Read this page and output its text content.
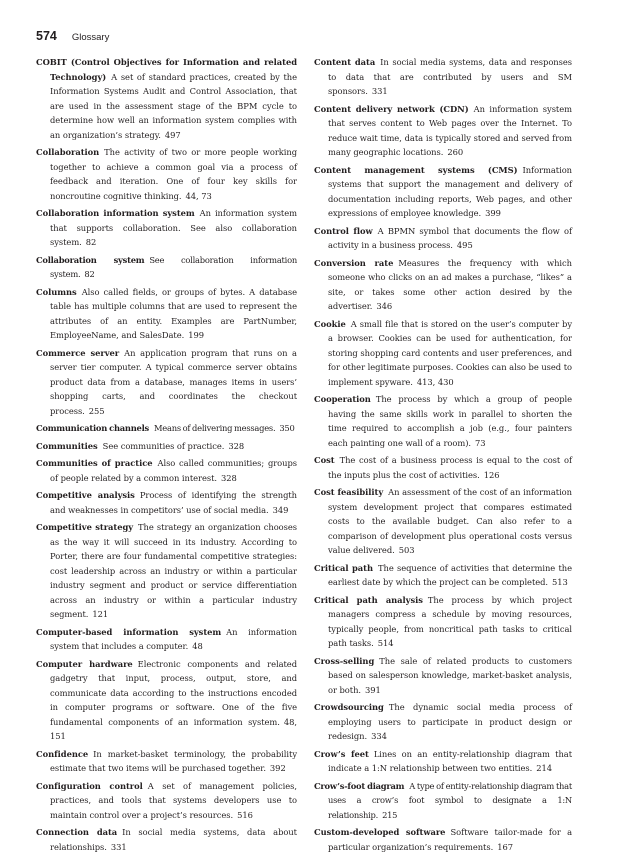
574 Glossary

COBIT (Control Objectives for Information and related Technology) A set of standard practices, created by the Information Systems Audit and Control Association, that are used in the assessment stage of the BPM cycle to determine how well an information system complies with an organization’s strategy. 497

Collaboration The activity of two or more people working together to achieve a common goal via a process of feedback and iteration. One of four key skills for noncroutine cognitive thinking. 44, 73

Collaboration information system An information system that supports collaboration. See also collaboration system. 82

Collaboration system See collaboration information system. 82

Columns Also called fields, or groups of bytes. A database table has multiple columns that are used to represent the attributes of an entity. Examples are PartNumber, EmployeeName, and SalesDate. 199

Commerce server An application program that runs on a server tier computer. A typical commerce server obtains product data from a database, manages items in users’ shopping carts, and coordinates the checkout process. 255

Communication channels Means of delivering messages. 350

Communities See communities of practice. 328

Communities of practice Also called communities; groups of people related by a common interest. 328

Competitive analysis Process of identifying the strength and weaknesses in competitors’ use of social media. 349

Competitive strategy The strategy an organization chooses as the way it will succeed in its industry. According to Porter, there are four fundamental competitive strategies: cost leadership across an industry or within a particular industry segment and product or service differentiation across an industry or within a particular industry segment. 121

Computer-based information system An information system that includes a computer. 48

Computer hardware Electronic components and related gadgetry that input, process, output, store, and communicate data according to the instructions encoded in computer programs or software. One of the five fundamental components of an information system. 48, 151

Confidence In market-basket terminology, the probability estimate that two items will be purchased together. 392

Configuration control A set of management policies, practices, and tools that systems developers use to maintain control over a project’s resources. 516

Connection data In social media systems, data about relationships. 331

Content data In social media systems, data and responses to data that are contributed by users and SM sponsors. 331

Content delivery network (CDN) An information system that serves content to Web pages over the Internet. To reduce wait time, data is typically stored and served from many geographic locations. 260

Content management systems (CMS) Information systems that support the management and delivery of documentation including reports, Web pages, and other expressions of employee knowledge. 399

Control flow A BPMN symbol that documents the flow of activity in a business process. 495

Conversion rate Measures the frequency with which someone who clicks on an ad makes a purchase, “likes” a site, or takes some other action desired by the advertiser. 346

Cookie A small file that is stored on the user’s computer by a browser. Cookies can be used for authentication, for storing shopping card contents and user preferences, and for other legitimate purposes. Cookies can also be used to implement spyware. 413, 430

Cooperation The process by which a group of people having the same skills work in parallel to shorten the time required to accomplish a job (e.g., four painters each painting one wall of a room). 73

Cost The cost of a business process is equal to the cost of the inputs plus the cost of activities. 126

Cost feasibility An assessment of the cost of an information system development project that compares estimated costs to the available budget. Can also refer to a comparison of development plus operational costs versus value delivered. 503

Critical path The sequence of activities that determine the earliest date by which the project can be completed. 513

Critical path analysis The process by which project managers compress a schedule by moving resources, typically people, from noncritical path tasks to critical path tasks. 514

Cross-selling The sale of related products to customers based on salesperson knowledge, market-basket analysis, or both. 391

Crowdsourcing The dynamic social media process of employing users to participate in product design or redesign. 334

Crow’s feet Lines on an entity-relationship diagram that indicate a 1:N relationship between two entities. 214

Crow’s-foot diagram A type of entity-relationship diagram that uses a crow’s foot symbol to designate a 1:N relationship. 215

Custom-developed software Software tailor-made for a particular organization’s requirements. 167
